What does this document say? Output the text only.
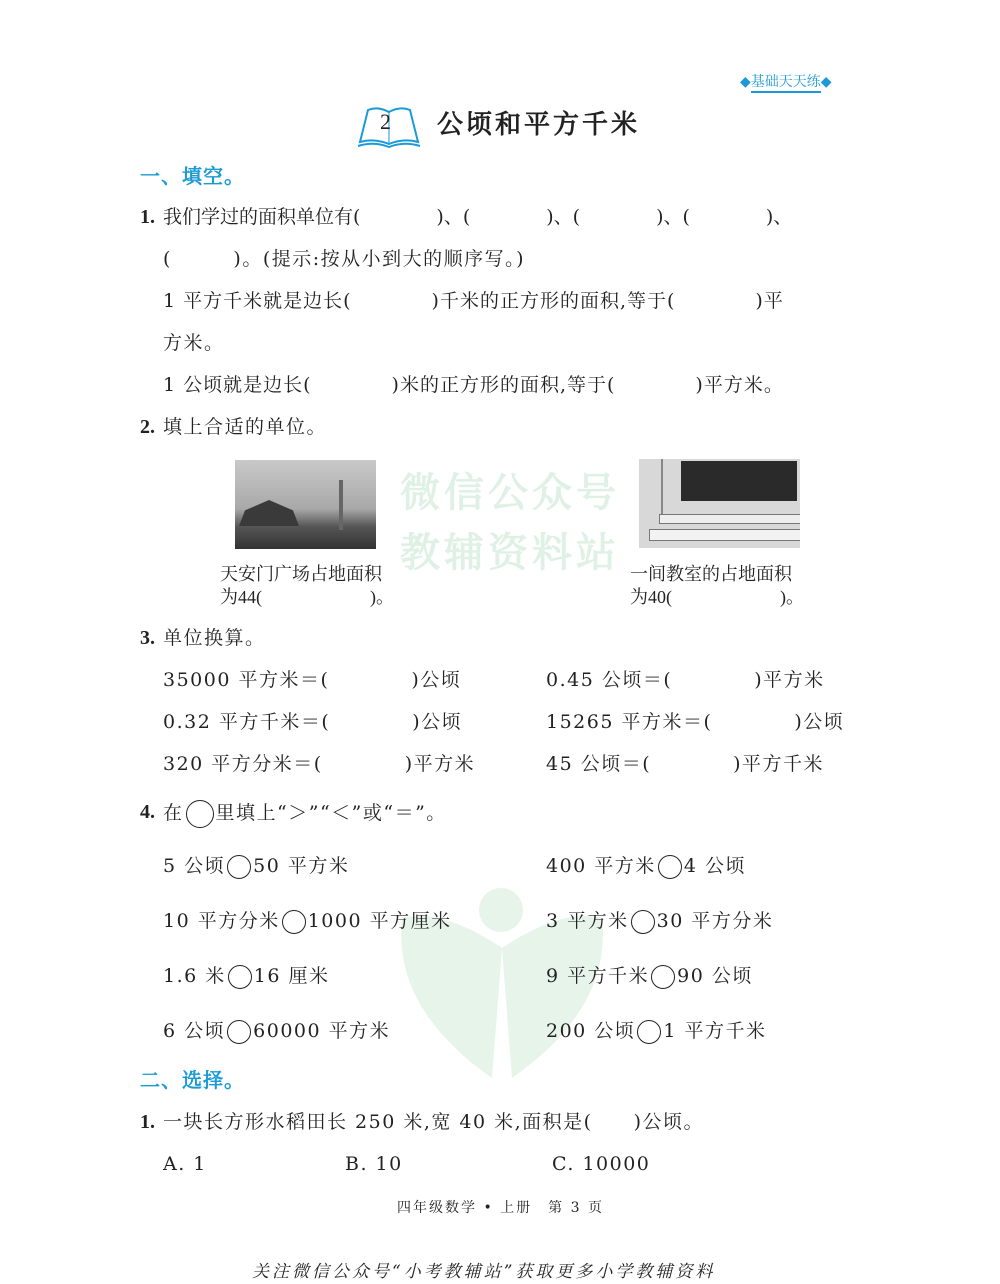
微信公众号
教辅资料站
◆基础天天练◆
2 公顷和平方千米
一、填空。
1. 我们学过的面积单位有(　　　　)、(　　　　)、(　　　　)、(　　　　)、
(　　　)。(提示:按从小到大的顺序写。)
1 平方千米就是边长(　　　　)千米的正方形的面积,等于(　　　　)平
方米。
1 公顷就是边长(　　　　)米的正方形的面积,等于(　　　　)平方米。
2. 填上合适的单位。
天安门广场占地面积
为44(　　　　　　)。
一间教室的占地面积
为40(　　　　　　)。
3. 单位换算。
35000 平方米＝(　　　　)公顷	0.45 公顷＝(　　　　)平方米
0.32 平方千米＝(　　　　)公顷	15265 平方米＝(　　　　)公顷
320 平方分米＝(　　　　)平方米	45 公顷＝(　　　　)平方千米
4. 在 里填上“＞”“＜”或“＝”。
5 公顷 50 平方米	400 平方米 4 公顷
10 平方分米 1000 平方厘米	3 平方米 30 平方分米
1.6 米 16 厘米	9 平方千米 90 公顷
6 公顷 60000 平方米	200 公顷 1 平方千米
二、选择。
1. 一块长方形水稻田长 250 米,宽 40 米,面积是(　　)公顷。
A. 1	B. 10	C. 10000
四年级数学 • 上册　第 3 页
关注微信公众号“小考教辅站”获取更多小学教辅资料
